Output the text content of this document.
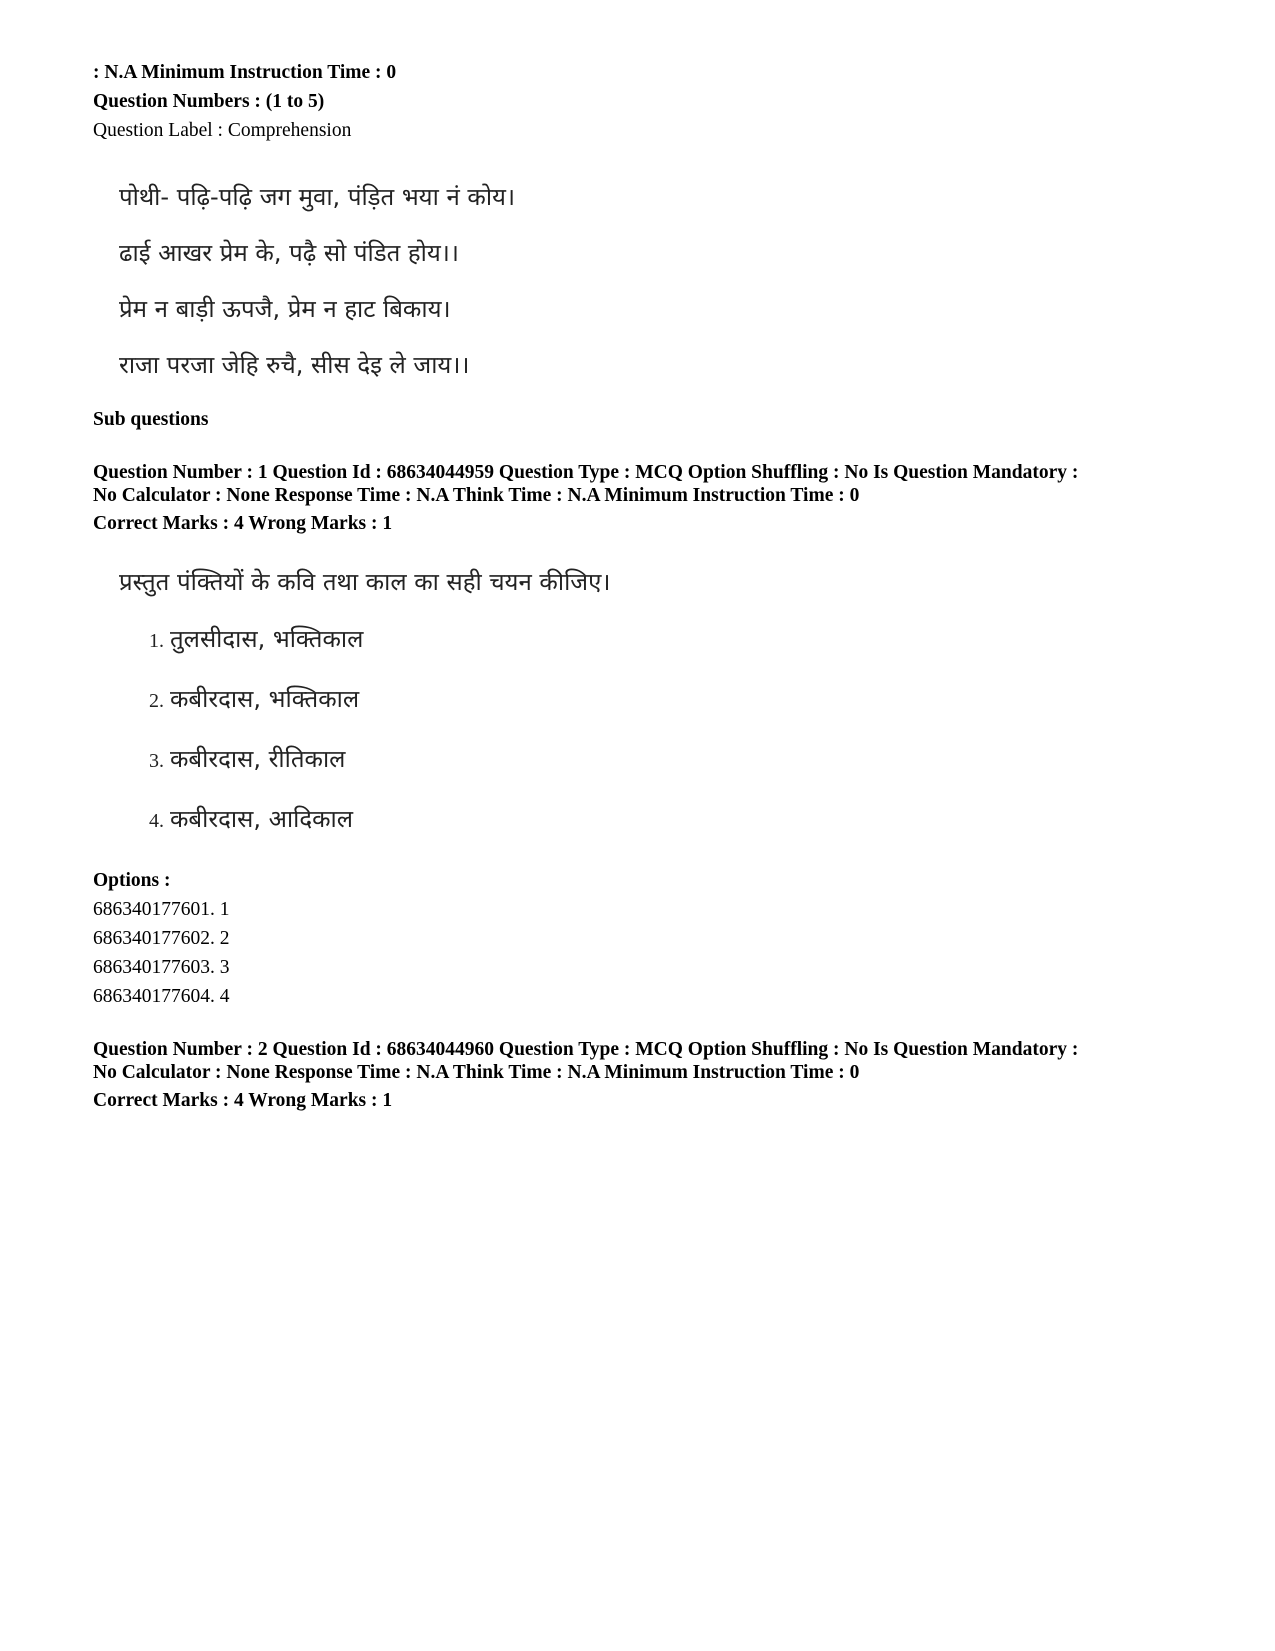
: N.A Minimum Instruction Time : 0

Question Numbers : (1 to 5)

Question Label : Comprehension

पोथी- पढ़ि-पढ़ि जग मुवा, पंड़ित भया नं कोय।

ढाई आखर प्रेम के, पढ़ै सो पंडित होय।।

प्रेम न बाड़ी ऊपजै, प्रेम न हाट बिकाय।

राजा परजा जेहि रुचै, सीस देइ ले जाय।।

Sub questions

Question Number : 1 Question Id : 68634044959 Question Type : MCQ Option Shuffling : No Is Question Mandatory :

No Calculator : None Response Time : N.A Think Time : N.A Minimum Instruction Time : 0

Correct Marks : 4 Wrong Marks : 1

प्रस्तुत पंक्तियों के कवि तथा काल का सही चयन कीजिए।
1. तुलसीदास, भक्तिकाल
2. कबीरदास, भक्तिकाल
3. कबीरदास, रीतिकाल
4. कबीरदास, आदिकाल

Options :

686340177601. 1

686340177602. 2

686340177603. 3

686340177604. 4

Question Number : 2 Question Id : 68634044960 Question Type : MCQ Option Shuffling : No Is Question Mandatory :

No Calculator : None Response Time : N.A Think Time : N.A Minimum Instruction Time : 0

Correct Marks : 4 Wrong Marks : 1
